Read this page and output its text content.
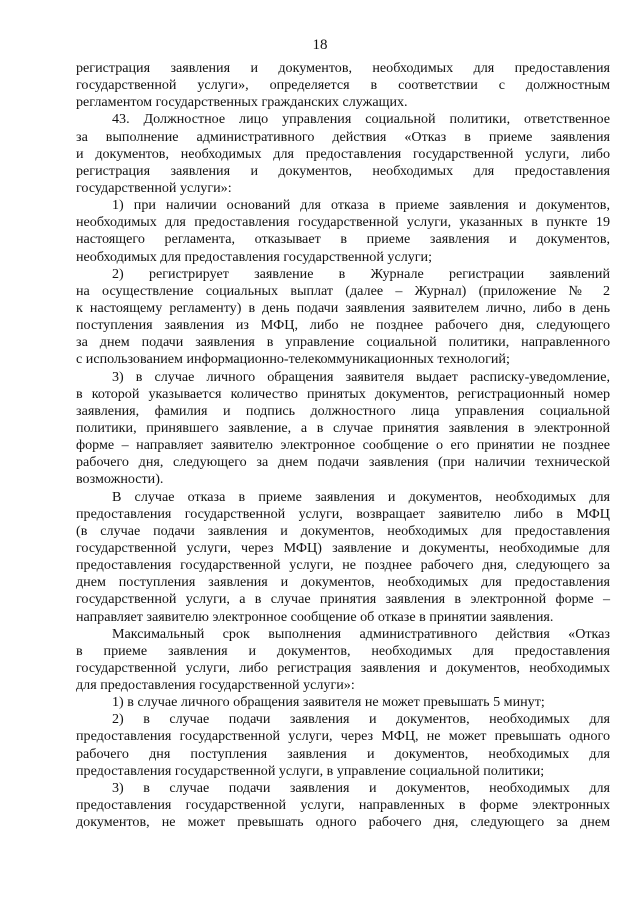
18
регистрация заявления и документов, необходимых для предоставления
государственной услуги», определяется в соответствии с должностным
регламентом государственных гражданских служащих.
43. Должностное лицо управления социальной политики, ответственное
за выполнение административного действия «Отказ в приеме заявления
и документов, необходимых для предоставления государственной услуги, либо
регистрация заявления и документов, необходимых для предоставления
государственной услуги»:
1) при наличии оснований для отказа в приеме заявления и документов,
необходимых для предоставления государственной услуги, указанных в пункте 19
настоящего регламента, отказывает в приеме заявления и документов,
необходимых для предоставления государственной услуги;
2) регистрирует заявление в Журнале регистрации заявлений
на осуществление социальных выплат (далее – Журнал) (приложение № 2
к настоящему регламенту) в день подачи заявления заявителем лично, либо в день
поступления заявления из МФЦ, либо не позднее рабочего дня, следующего
за днем подачи заявления в управление социальной политики, направленного
с использованием информационно-телекоммуникационных технологий;
3) в случае личного обращения заявителя выдает расписку-уведомление,
в которой указывается количество принятых документов, регистрационный номер
заявления, фамилия и подпись должностного лица управления социальной
политики, принявшего заявление, а в случае принятия заявления в электронной
форме – направляет заявителю электронное сообщение о его принятии не позднее
рабочего дня, следующего за днем подачи заявления (при наличии технической
возможности).
В случае отказа в приеме заявления и документов, необходимых для
предоставления государственной услуги, возвращает заявителю либо в МФЦ
(в случае подачи заявления и документов, необходимых для предоставления
государственной услуги, через МФЦ) заявление и документы, необходимые для
предоставления государственной услуги, не позднее рабочего дня, следующего за
днем поступления заявления и документов, необходимых для предоставления
государственной услуги, а в случае принятия заявления в электронной форме –
направляет заявителю электронное сообщение об отказе в принятии заявления.
Максимальный срок выполнения административного действия «Отказ
в приеме заявления и документов, необходимых для предоставления
государственной услуги, либо регистрация заявления и документов, необходимых
для предоставления государственной услуги»:
1) в случае личного обращения заявителя не может превышать 5 минут;
2) в случае подачи заявления и документов, необходимых для
предоставления государственной услуги, через МФЦ, не может превышать одного
рабочего дня поступления заявления и документов, необходимых для
предоставления государственной услуги, в управление социальной политики;
3) в случае подачи заявления и документов, необходимых для
предоставления государственной услуги, направленных в форме электронных
документов, не может превышать одного рабочего дня, следующего за днем
